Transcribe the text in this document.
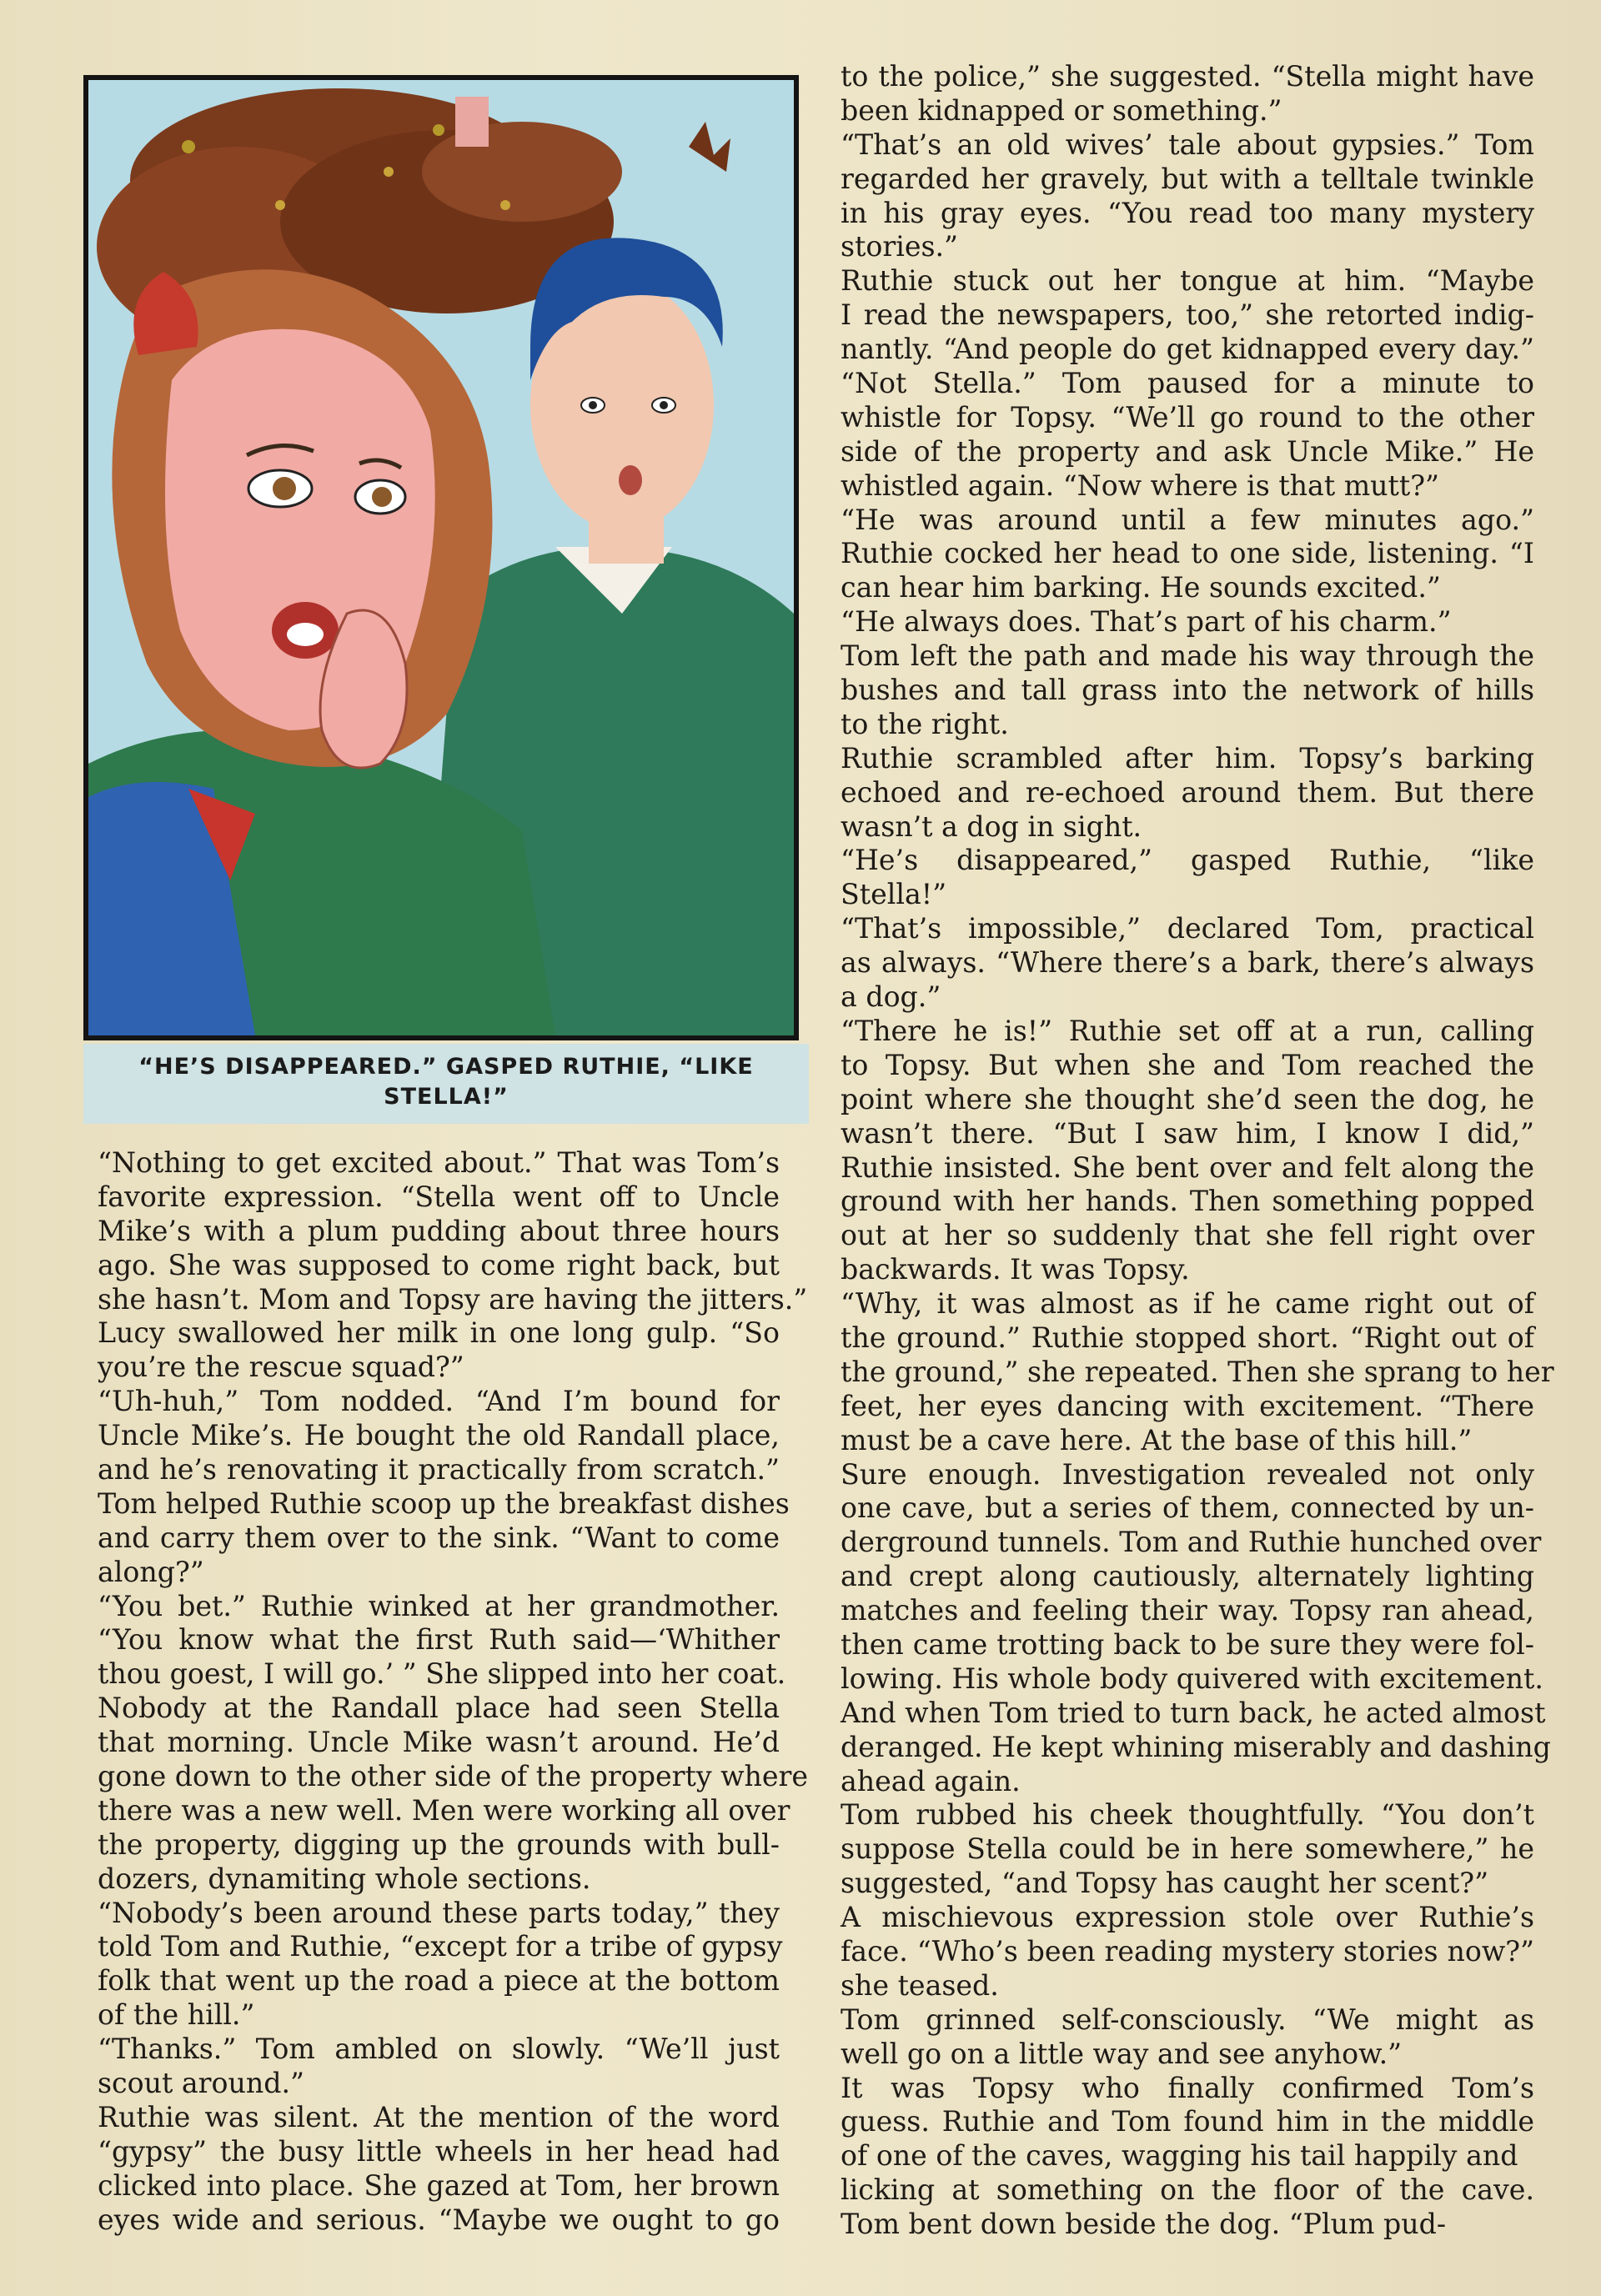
“HE’S DISAPPEARED.” GASPED RUTHIE, “LIKE STELLA!”

“Nothing to get excited about.” That was Tom’s

favorite expression. “Stella went off to Uncle

Mike’s with a plum pudding about three hours

ago. She was supposed to come right back, but

she hasn’t. Mom and Topsy are having the jitters.”

Lucy swallowed her milk in one long gulp. “So

you’re the rescue squad?”

“Uh-huh,” Tom nodded. “And I’m bound for

Uncle Mike’s. He bought the old Randall place,

and he’s renovating it practically from scratch.”

Tom helped Ruthie scoop up the breakfast dishes

and carry them over to the sink. “Want to come

along?”

“You bet.” Ruthie winked at her grandmother.

“You know what the first Ruth said—‘Whither

thou goest, I will go.’ ” She slipped into her coat.

Nobody at the Randall place had seen Stella

that morning. Uncle Mike wasn’t around. He’d

gone down to the other side of the property where

there was a new well. Men were working all over

the property, digging up the grounds with bull-

dozers, dynamiting whole sections.

“Nobody’s been around these parts today,” they

told Tom and Ruthie, “except for a tribe of gypsy

folk that went up the road a piece at the bottom

of the hill.”

“Thanks.” Tom ambled on slowly. “We’ll just

scout around.”

Ruthie was silent. At the mention of the word

“gypsy” the busy little wheels in her head had

clicked into place. She gazed at Tom, her brown

eyes wide and serious. “Maybe we ought to go

to the police,” she suggested. “Stella might have

been kidnapped or something.”

“That’s an old wives’ tale about gypsies.” Tom

regarded her gravely, but with a telltale twinkle

in his gray eyes. “You read too many mystery

stories.”

Ruthie stuck out her tongue at him. “Maybe

I read the newspapers, too,” she retorted indig-

nantly. “And people do get kidnapped every day.”

“Not Stella.” Tom paused for a minute to

whistle for Topsy. “We’ll go round to the other

side of the property and ask Uncle Mike.” He

whistled again. “Now where is that mutt?”

“He was around until a few minutes ago.”

Ruthie cocked her head to one side, listening. “I

can hear him barking. He sounds excited.”

“He always does. That’s part of his charm.”

Tom left the path and made his way through the

bushes and tall grass into the network of hills

to the right.

Ruthie scrambled after him. Topsy’s barking

echoed and re-echoed around them. But there

wasn’t a dog in sight.

“He’s disappeared,” gasped Ruthie, “like

Stella!”

“That’s impossible,” declared Tom, practical

as always. “Where there’s a bark, there’s always

a dog.”

“There he is!” Ruthie set off at a run, calling

to Topsy. But when she and Tom reached the

point where she thought she’d seen the dog, he

wasn’t there. “But I saw him, I know I did,”

Ruthie insisted. She bent over and felt along the

ground with her hands. Then something popped

out at her so suddenly that she fell right over

backwards. It was Topsy.

“Why, it was almost as if he came right out of

the ground.” Ruthie stopped short. “Right out of

the ground,” she repeated. Then she sprang to her

feet, her eyes dancing with excitement. “There

must be a cave here. At the base of this hill.”

Sure enough. Investigation revealed not only

one cave, but a series of them, connected by un-

derground tunnels. Tom and Ruthie hunched over

and crept along cautiously, alternately lighting

matches and feeling their way. Topsy ran ahead,

then came trotting back to be sure they were fol-

lowing. His whole body quivered with excitement.

And when Tom tried to turn back, he acted almost

deranged. He kept whining miserably and dashing

ahead again.

Tom rubbed his cheek thoughtfully. “You don’t

suppose Stella could be in here somewhere,” he

suggested, “and Topsy has caught her scent?”

A mischievous expression stole over Ruthie’s

face. “Who’s been reading mystery stories now?”

she teased.

Tom grinned self-consciously. “We might as

well go on a little way and see anyhow.”

It was Topsy who finally confirmed Tom’s

guess. Ruthie and Tom found him in the middle

of one of the caves, wagging his tail happily and

licking at something on the floor of the cave.

Tom bent down beside the dog. “Plum pud-
